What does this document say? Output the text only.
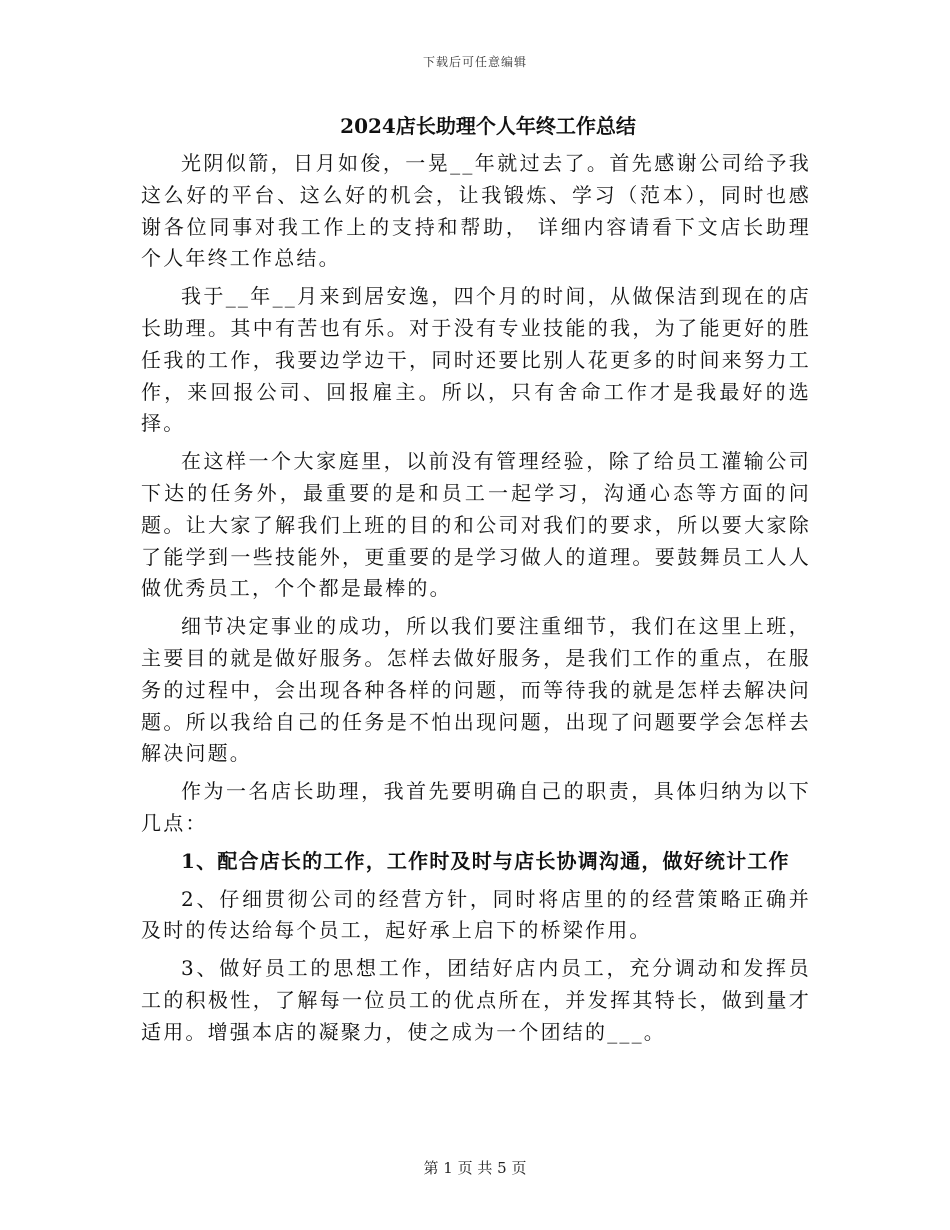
下载后可任意编辑
2024店长助理个人年终工作总结

光阴似箭，日月如俊，一晃__年就过去了。首先感谢公司给予我这么好的平台、这么好的机会，让我锻炼、学习（范本），同时也感谢各位同事对我工作上的支持和帮助， 详细内容请看下文店长助理个人年终工作总结。

我于__年__月来到居安逸，四个月的时间，从做保洁到现在的店长助理。其中有苦也有乐。对于没有专业技能的我，为了能更好的胜任我的工作，我要边学边干，同时还要比别人花更多的时间来努力工作，来回报公司、回报雇主。所以，只有舍命工作才是我最好的选择。

在这样一个大家庭里，以前没有管理经验，除了给员工灌输公司下达的任务外，最重要的是和员工一起学习，沟通心态等方面的问题。让大家了解我们上班的目的和公司对我们的要求，所以要大家除了能学到一些技能外，更重要的是学习做人的道理。要鼓舞员工人人做优秀员工，个个都是最棒的。

细节决定事业的成功，所以我们要注重细节，我们在这里上班，主要目的就是做好服务。怎样去做好服务，是我们工作的重点，在服务的过程中，会出现各种各样的问题，而等待我的就是怎样去解决问题。所以我给自己的任务是不怕出现问题，出现了问题要学会怎样去解决问题。

作为一名店长助理，我首先要明确自己的职责，具体归纳为以下几点：

1、配合店长的工作，工作时及时与店长协调沟通，做好统计工作

2、仔细贯彻公司的经营方针，同时将店里的的经营策略正确并及时的传达给每个员工，起好承上启下的桥梁作用。

3、做好员工的思想工作，团结好店内员工，充分调动和发挥员工的积极性，了解每一位员工的优点所在，并发挥其特长，做到量才适用。增强本店的凝聚力，使之成为一个团结的___。

第 1 页 共 5 页
